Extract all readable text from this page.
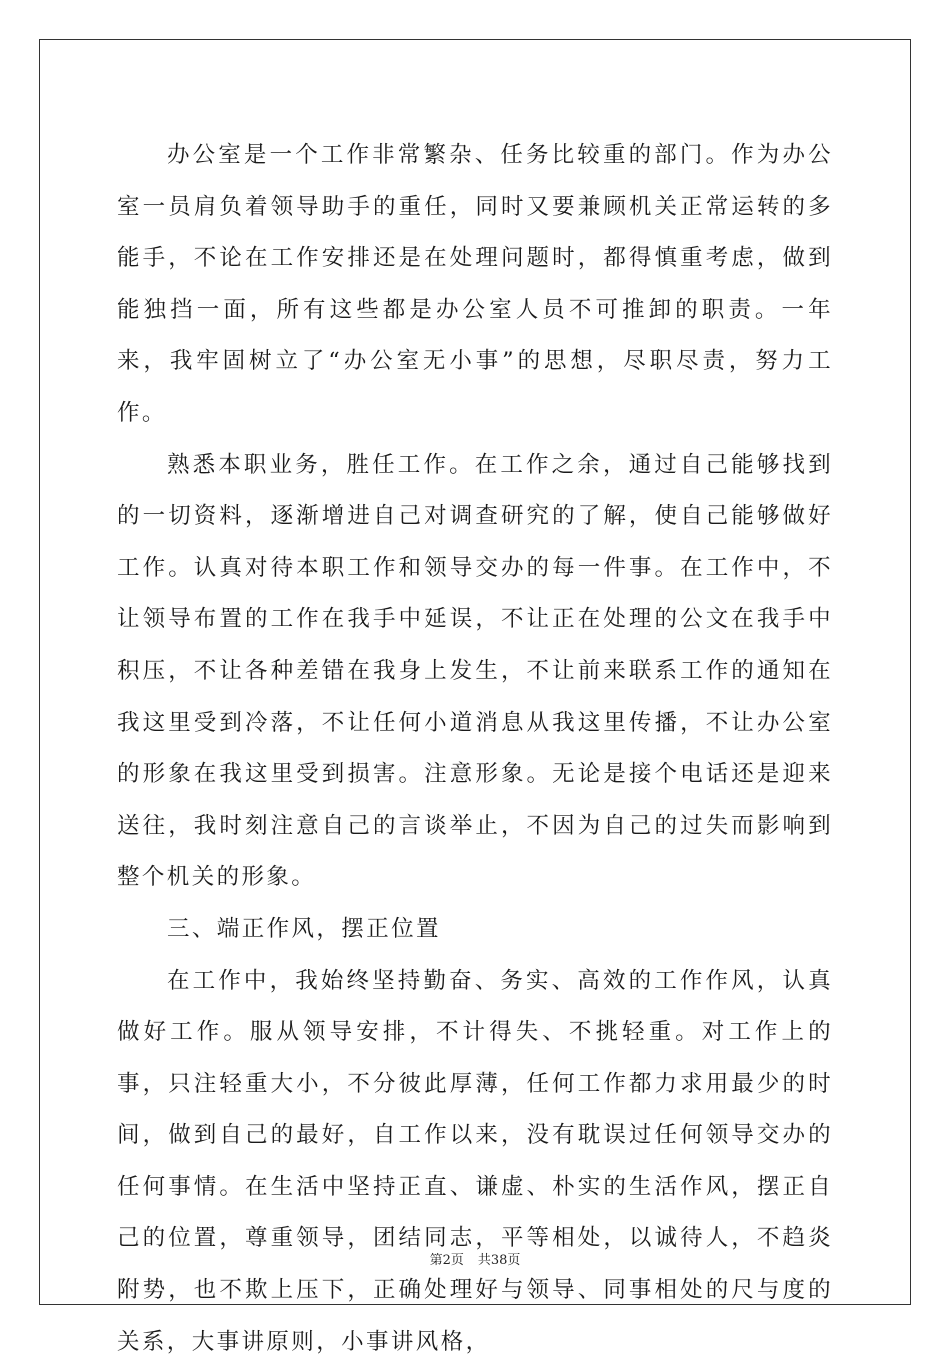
办公室是一个工作非常繁杂、任务比较重的部门。作为办公室一员肩负着领导助手的重任，同时又要兼顾机关正常运转的多能手，不论在工作安排还是在处理问题时，都得慎重考虑，做到能独挡一面，所有这些都是办公室人员不可推卸的职责。一年来，我牢固树立了“办公室无小事”的思想，尽职尽责，努力工作。

熟悉本职业务，胜任工作。在工作之余，通过自己能够找到的一切资料，逐渐增进自己对调查研究的了解，使自己能够做好工作。认真对待本职工作和领导交办的每一件事。在工作中，不让领导布置的工作在我手中延误，不让正在处理的公文在我手中积压，不让各种差错在我身上发生，不让前来联系工作的通知在我这里受到冷落，不让任何小道消息从我这里传播，不让办公室的形象在我这里受到损害。注意形象。无论是接个电话还是迎来送往，我时刻注意自己的言谈举止，不因为自己的过失而影响到整个机关的形象。

三、端正作风，摆正位置

在工作中，我始终坚持勤奋、务实、高效的工作作风，认真做好工作。服从领导安排，不计得失、不挑轻重。对工作上的事，只注轻重大小，不分彼此厚薄，任何工作都力求用最少的时间，做到自己的最好，自工作以来，没有耽误过任何领导交办的任何事情。在生活中坚持正直、谦虚、朴实的生活作风，摆正自己的位置，尊重领导，团结同志，平等相处，以诚待人，不趋炎附势，也不欺上压下，正确处理好与领导、同事相处的尺与度的关系，大事讲原则，小事讲风格，

第2页 共38页
